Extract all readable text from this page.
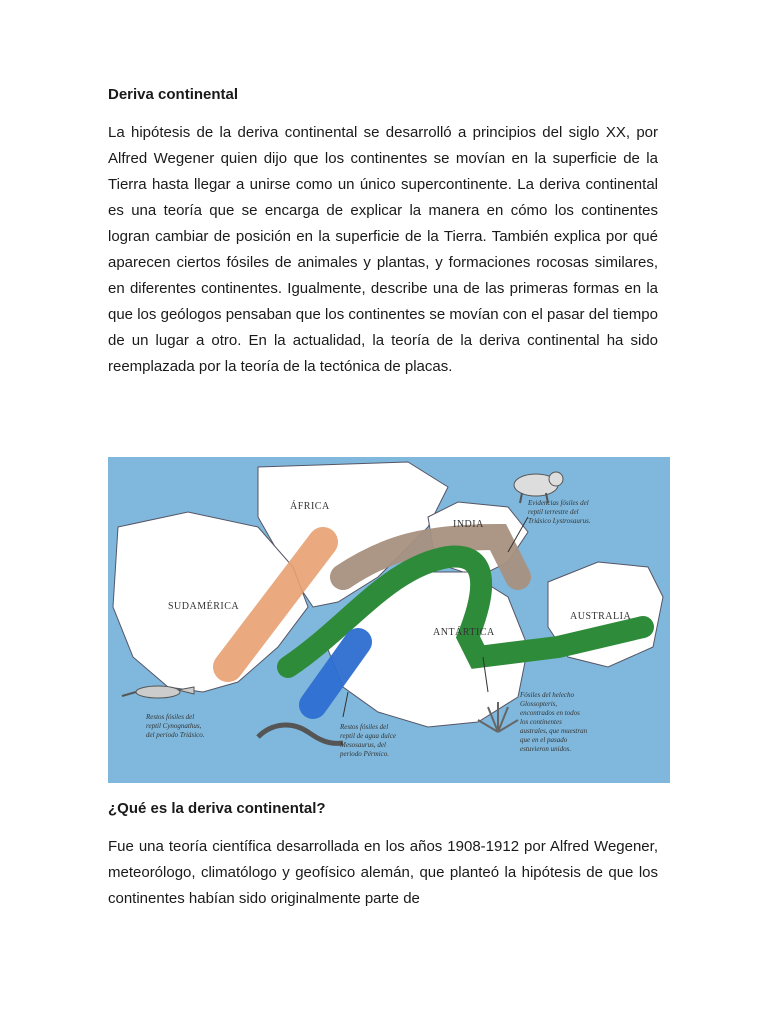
Deriva continental

La hipótesis de la deriva continental se desarrolló a principios del siglo XX, por Alfred Wegener quien dijo que los continentes se movían en la superficie de la Tierra hasta llegar a unirse como un único supercontinente. La deriva continental es una teoría que se encarga de explicar la manera en cómo los continentes logran cambiar de posición en la superficie de la Tierra. También explica por qué aparecen ciertos fósiles de animales y plantas, y formaciones rocosas similares, en diferentes continentes. Igualmente, describe una de las primeras formas en la que los geólogos pensaban que los continentes se movían con el pasar del tiempo de un lugar a otro. En la actualidad, la teoría de la deriva continental ha sido reemplazada por la teoría de la tectónica de placas.

ÁFRICA
SUDAMÉRICA
INDIA
ANTÁRTICA
AUSTRALIA
Evidencias fósiles del reptil terrestre del Triásico Lystrosaurus.
Restos fósiles del reptil Cynognathus, del periodo Triásico.
Restos fósiles del reptil de agua dulce Mesosaurus, del periodo Pérmico.
Fósiles del helecho Glossopteris, encontrados en todos los continentes australes, que muestran que en el pasado estuvieron unidos.
¿Qué es la deriva continental?

Fue una teoría científica desarrollada en los años 1908-1912 por Alfred Wegener, meteorólogo, climatólogo y geofísico alemán, que planteó la hipótesis de que los continentes habían sido originalmente parte de
